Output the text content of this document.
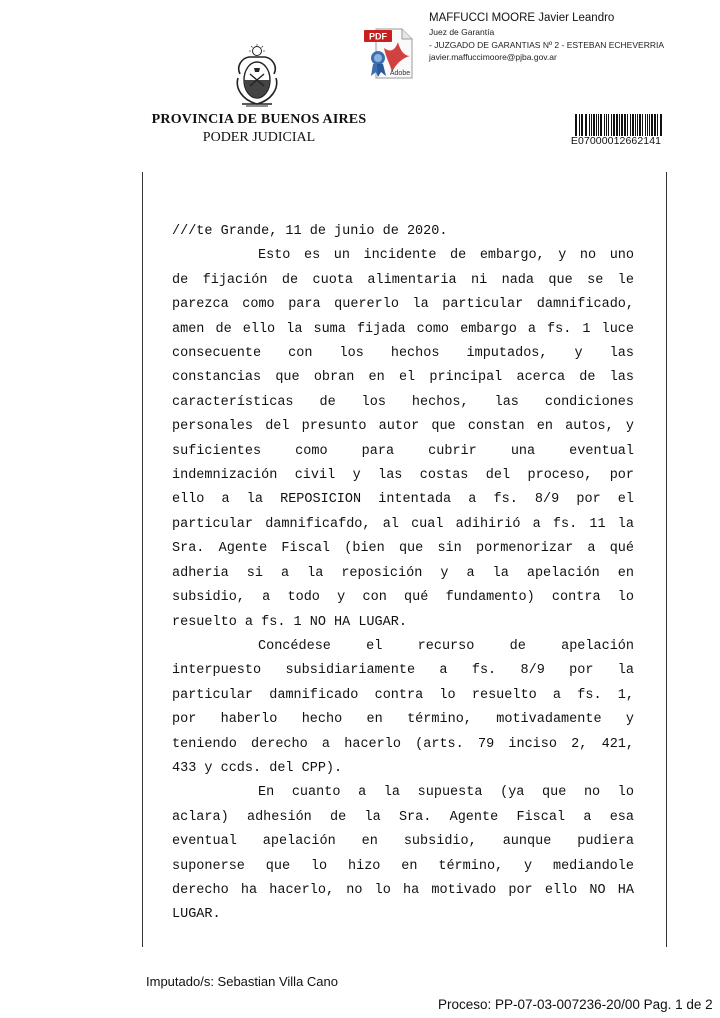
PROVINCIA DE BUENOS AIRES
PODER JUDICIAL
PDF
Adobe
MAFFUCCI MOORE Javier Leandro
Juez de Garantía
- JUZGADO DE GARANTIAS Nº 2 - ESTEBAN ECHEVERRIA
javier.maffuccimoore@pjba.gov.ar
E07000012662141

///te Grande, 11 de junio de 2020.

Esto es un incidente de embargo, y no uno

de fijación de cuota alimentaria ni nada que se le

parezca como para quererlo la particular damnificado,

amen de ello la suma fijada como embargo a fs. 1 luce

consecuente con los hechos imputados, y las

constancias que obran en el principal acerca de las

características de los hechos, las condiciones

personales del presunto autor que constan en autos, y

suficientes como para cubrir una eventual

indemnización civil y las costas del proceso, por

ello a la REPOSICION intentada a fs. 8/9 por el

particular damnificafdo, al cual adihirió a fs. 11 la

Sra. Agente Fiscal (bien que sin pormenorizar a qué

adheria si a la reposición y a la apelación en

subsidio, a todo y con qué fundamento) contra lo

resuelto a fs. 1 NO HA LUGAR.

Concédese el recurso de apelación

interpuesto subsidiariamente a fs. 8/9 por la

particular damnificado contra lo resuelto a fs. 1,

por haberlo hecho en término, motivadamente y

teniendo derecho a hacerlo (arts. 79 inciso 2, 421,

433 y ccds. del CPP).

En cuanto a la supuesta (ya que no lo

aclara) adhesión de la Sra. Agente Fiscal a esa

eventual apelación en subsidio, aunque pudiera

suponerse que lo hizo en término, y mediandole

derecho ha hacerlo, no lo ha motivado por ello NO HA

LUGAR.

Imputado/s: Sebastian Villa Cano
Proceso: PP-07-03-007236-20/00 Pag. 1 de 2
